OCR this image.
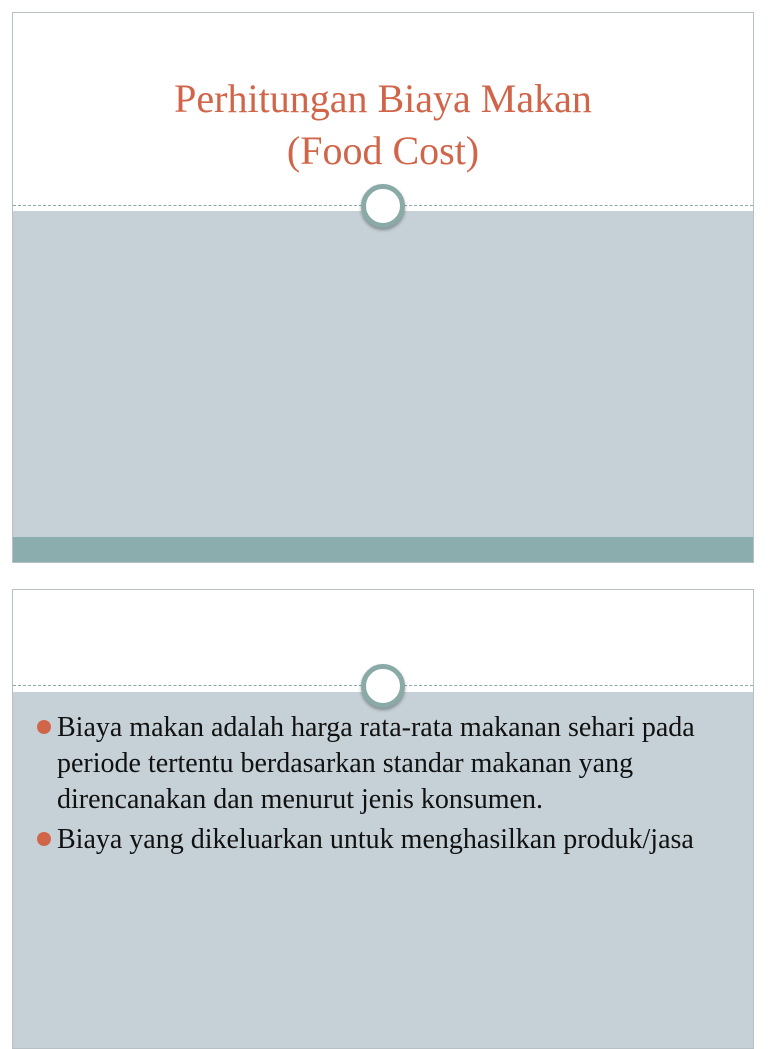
Perhitungan Biaya Makan
(Food Cost)
Biaya makan adalah harga rata-rata makanan sehari pada periode tertentu berdasarkan standar makanan yang direncanakan dan menurut jenis konsumen.
Biaya yang dikeluarkan untuk menghasilkan produk/jasa
